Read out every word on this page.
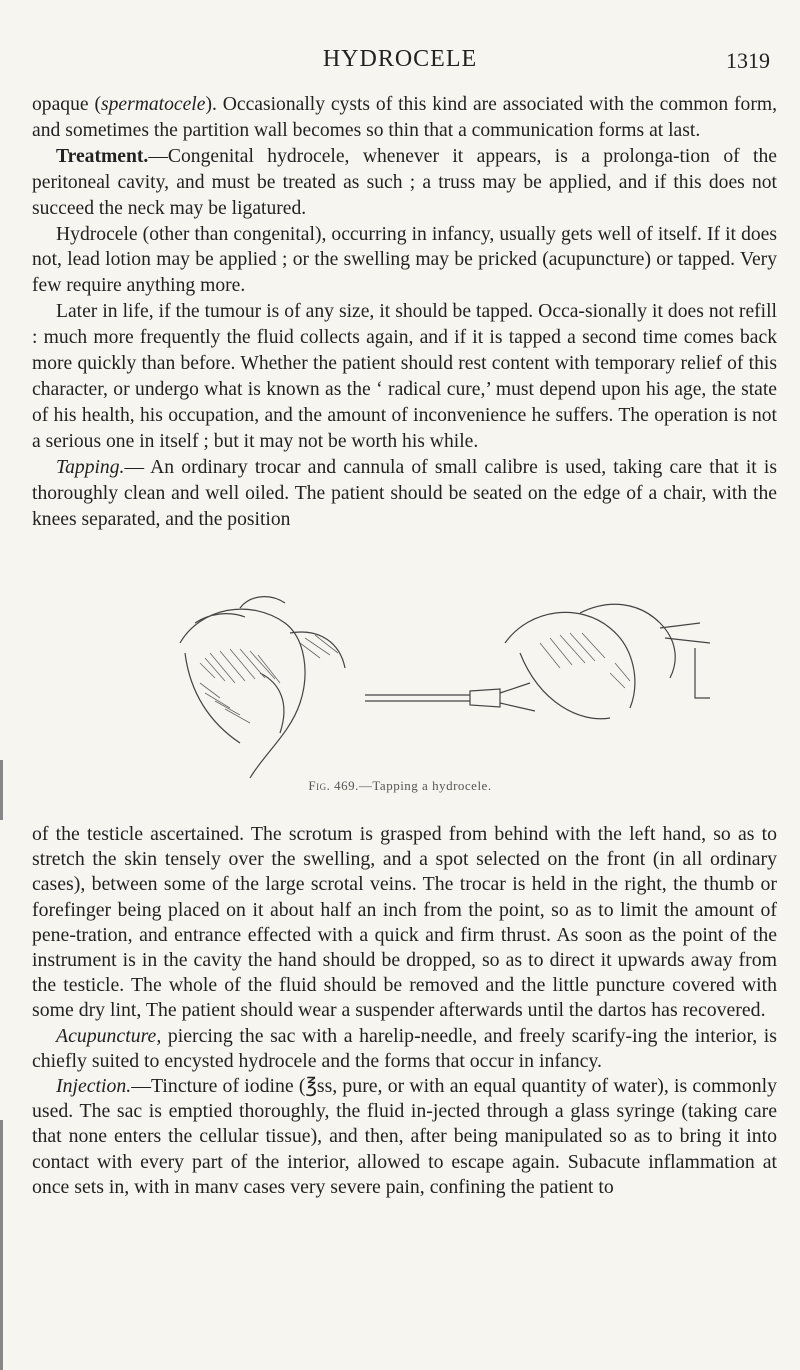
HYDROCELE	1319

opaque (spermatocele). Occasionally cysts of this kind are associated with the common form, and sometimes the partition wall becomes so thin that a communication forms at last.

Treatment.—Congenital hydrocele, whenever it appears, is a prolonga-tion of the peritoneal cavity, and must be treated as such ; a truss may be applied, and if this does not succeed the neck may be ligatured.

Hydrocele (other than congenital), occurring in infancy, usually gets well of itself. If it does not, lead lotion may be applied ; or the swelling may be pricked (acupuncture) or tapped. Very few require anything more.

Later in life, if the tumour is of any size, it should be tapped. Occa-sionally it does not refill : much more frequently the fluid collects again, and if it is tapped a second time comes back more quickly than before. Whether the patient should rest content with temporary relief of this character, or undergo what is known as the ‘ radical cure,’ must depend upon his age, the state of his health, his occupation, and the amount of inconvenience he suffers. The operation is not a serious one in itself ; but it may not be worth his while.

Tapping.— An ordinary trocar and cannula of small calibre is used, taking care that it is thoroughly clean and well oiled. The patient should be seated on the edge of a chair, with the knees separated, and the position

Fig. 469.—Tapping a hydrocele.

of the testicle ascertained. The scrotum is grasped from behind with the left hand, so as to stretch the skin tensely over the swelling, and a spot selected on the front (in all ordinary cases), between some of the large scrotal veins. The trocar is held in the right, the thumb or forefinger being placed on it about half an inch from the point, so as to limit the amount of pene-tration, and entrance effected with a quick and firm thrust. As soon as the point of the instrument is in the cavity the hand should be dropped, so as to direct it upwards away from the testicle. The whole of the fluid should be removed and the little puncture covered with some dry lint, The patient should wear a suspender afterwards until the dartos has recovered.

Acupuncture, piercing the sac with a harelip-needle, and freely scarify-ing the interior, is chiefly suited to encysted hydrocele and the forms that occur in infancy.

Injection.—Tincture of iodine (℥ss, pure, or with an equal quantity of water), is commonly used. The sac is emptied thoroughly, the fluid in-jected through a glass syringe (taking care that none enters the cellular tissue), and then, after being manipulated so as to bring it into contact with every part of the interior, allowed to escape again. Subacute inflammation at once sets in, with in manv cases very severe pain, confining the patient to
